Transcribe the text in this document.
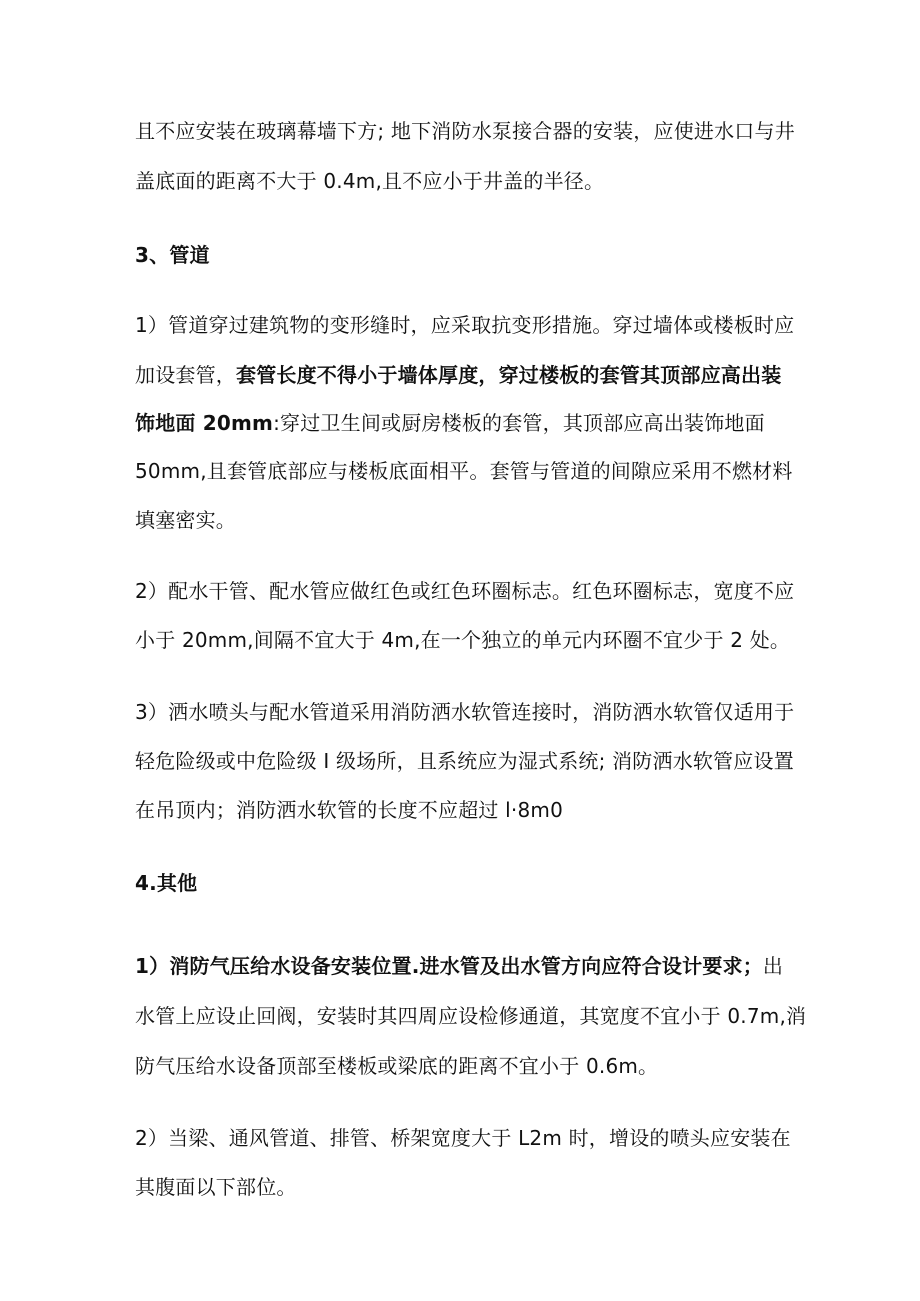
且不应安装在玻璃幕墙下方; 地下消防水泵接合器的安装，应使进水口与井
盖底面的距离不大于 0.4m,且不应小于井盖的半径。
3、管道
1）管道穿过建筑物的变形缝时，应采取抗变形措施。穿过墙体或楼板时应
加设套管，套管长度不得小于墙体厚度，穿过楼板的套管其顶部应高出装
饰地面 20mm:穿过卫生间或厨房楼板的套管，其顶部应高出装饰地面
50mm,且套管底部应与楼板底面相平。套管与管道的间隙应采用不燃材料
填塞密实。
2）配水干管、配水管应做红色或红色环圈标志。红色环圈标志，宽度不应
小于 20mm,间隔不宜大于 4m,在一个独立的单元内环圈不宜少于 2 处。
3）洒水喷头与配水管道采用消防洒水软管连接时，消防洒水软管仅适用于
轻危险级或中危险级 I 级场所，且系统应为湿式系统; 消防洒水软管应设置
在吊顶内；消防洒水软管的长度不应超过 l·8m0
4.其他
1）消防气压给水设备安装位置.进水管及出水管方向应符合设计要求；出
水管上应设止回阀，安装时其四周应设检修通道，其宽度不宜小于 0.7m,消
防气压给水设备顶部至楼板或梁底的距离不宜小于 0.6m。
2）当梁、通风管道、排管、桥架宽度大于 L2m 时，增设的喷头应安装在
其腹面以下部位。
